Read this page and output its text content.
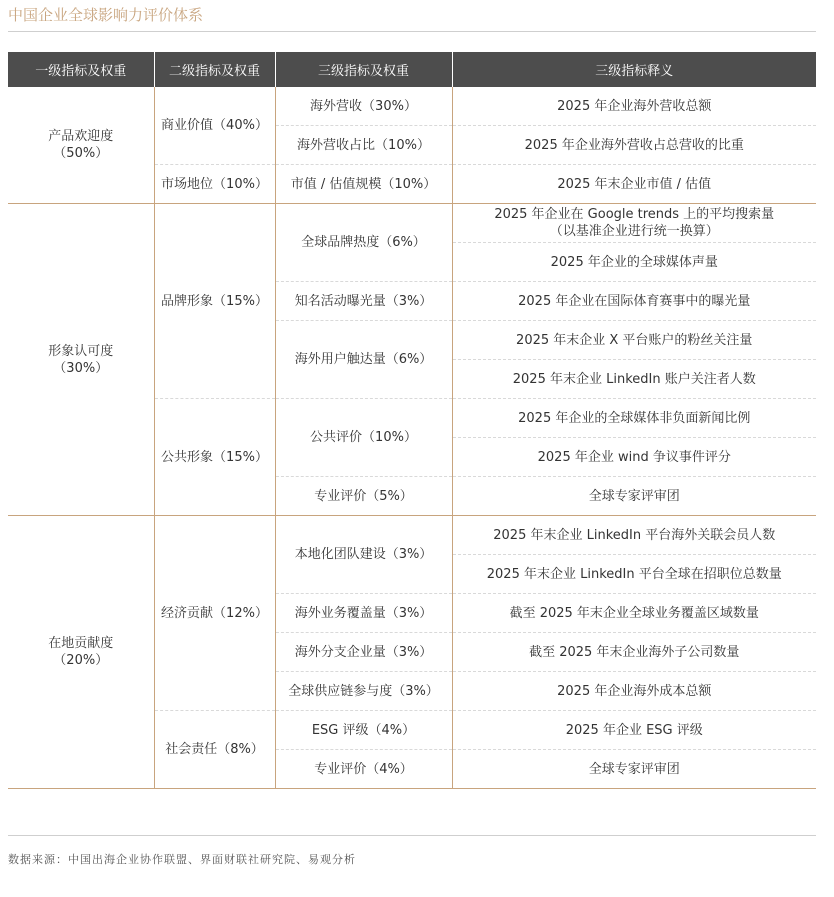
中国企业全球影响力评价体系
一级指标及权重	二级指标及权重	三级指标及权重	三级指标释义
产品欢迎度（50%）	商业价值（40%）	海外营收（30%）	2025 年企业海外营收总额
		海外营收占比（10%）	2025 年企业海外营收占总营收的比重
	市场地位（10%）	市值 / 估值规模（10%）	2025 年末企业市值 / 估值
形象认可度（30%）	品牌形象（15%）	全球品牌热度（6%）	2025 年企业在 Google trends 上的平均搜索量（以基准企业进行统一换算）
			2025 年企业的全球媒体声量
		知名活动曝光量（3%）	2025 年企业在国际体育赛事中的曝光量
		海外用户触达量（6%）	2025 年末企业 X 平台账户的粉丝关注量
			2025 年末企业 LinkedIn 账户关注者人数
	公共形象（15%）	公共评价（10%）	2025 年企业的全球媒体非负面新闻比例
			2025 年企业 wind 争议事件评分
		专业评价（5%）	全球专家评审团
在地贡献度（20%）	经济贡献（12%）	本地化团队建设（3%）	2025 年末企业 LinkedIn 平台海外关联会员人数
			2025 年末企业 LinkedIn 平台全球在招职位总数量
		海外业务覆盖量（3%）	截至 2025 年末企业全球业务覆盖区域数量
		海外分支企业量（3%）	截至 2025 年末企业海外子公司数量
		全球供应链参与度（3%）	2025 年企业海外成本总额
	社会责任（8%）	ESG 评级（4%）	2025 年企业 ESG 评级
		专业评价（4%）	全球专家评审团
数据来源：中国出海企业协作联盟、界面财联社研究院、易观分析
